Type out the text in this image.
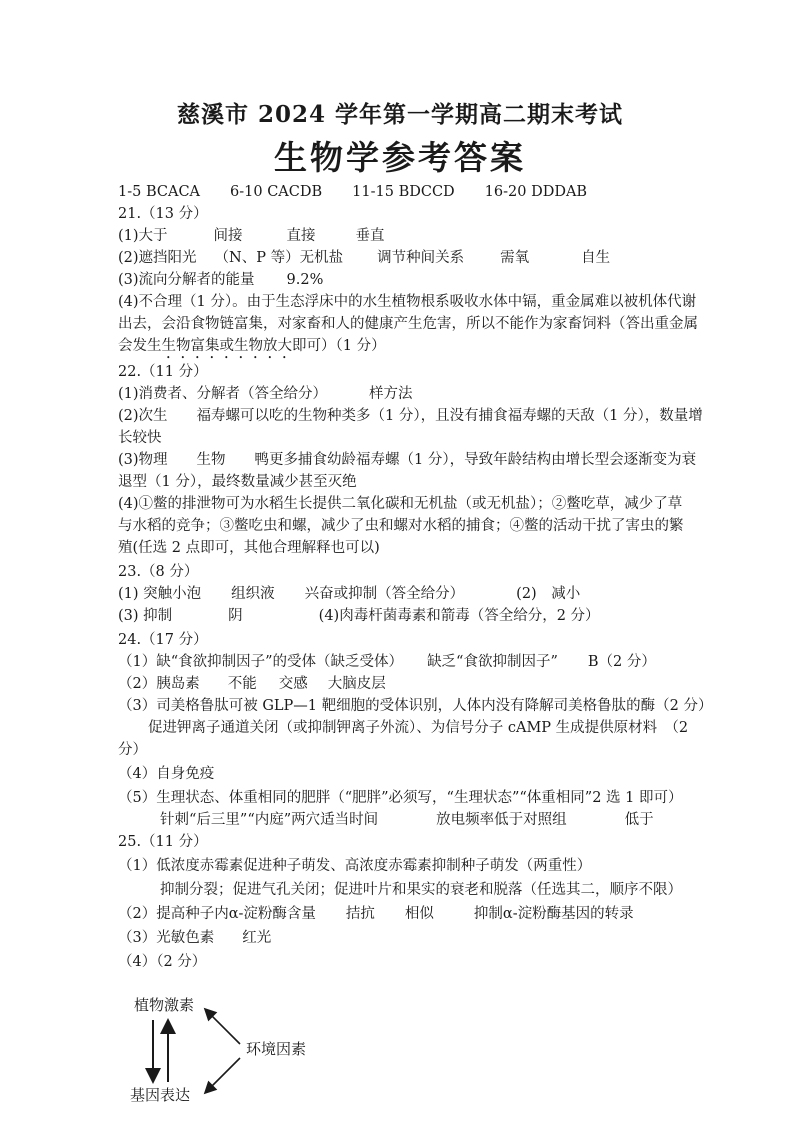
慈溪市 2024 学年第一学期高二期末考试
生物学参考答案
1-5 BCACA 6-10 CACDB 11-15 BDCCD 16-20 DDDAB
21.（13 分）
(1)大于	间接	直接	垂直
(2)遮挡阳光 （N、P 等）无机盐 调节种间关系 需氧	自生
(3)流向分解者的能量 9.2%
(4)不合理（1 分）。由于生态浮床中的水生植物根系吸收水体中镉，重金属难以被机体代谢
出去，会沿食物链富集，对家畜和人的健康产生危害，所以不能作为家畜饲料（答出重金属
会发生生物富集或生物放大即可）（1 分）
22.（11 分）
(1)消费者、分解者（答全给分）	样方法
(2)次生　　福寿螺可以吃的生物种类多（1 分），且没有捕食福寿螺的天敌（1 分），数量增
长较快
(3)物理　　生物　　鸭更多捕食幼龄福寿螺（1 分），导致年龄结构由增长型会逐渐变为衰
退型（1 分），最终数量减少甚至灭绝
(4)①鳖的排泄物可为水稻生长提供二氧化碳和无机盐（或无机盐）；②鳖吃草，减少了草
与水稻的竞争；③鳖吃虫和螺，减少了虫和螺对水稻的捕食；④鳖的活动干扰了害虫的繁
殖(任选 2 点即可，其他合理解释也可以)
23.（8 分）
(1) 突触小泡 组织液 兴奋或抑制（答全给分）	(2)　减小
(3) 抑制	阴	(4)肉毒杆菌毒素和箭毒（答全给分，2 分）
24.（17 分）
（1）缺“食欲抑制因子”的受体（缺乏受体） 缺乏“食欲抑制因子” B（2 分）
（2）胰岛素 不能 交感 大脑皮层
（3）司美格鲁肽可被 GLP—1 靶细胞的受体识别，人体内没有降解司美格鲁肽的酶（2 分）
促进钾离子通道关闭（或抑制钾离子外流）、为信号分子 cAMP 生成提供原材料　（2
分）
（4）自身免疫
（5）生理状态、体重相同的肥胖（“肥胖”必须写，“生理状态”“体重相同”2 选 1 即可）
针刺“后三里”“内庭”两穴适当时间	放电频率低于对照组	低于
25.（11 分）
（1）低浓度赤霉素促进种子萌发、高浓度赤霉素抑制种子萌发（两重性）
抑制分裂；促进气孔关闭；促进叶片和果实的衰老和脱落（任选其二，顺序不限）
（2）提高种子内α-淀粉酶含量 拮抗 相似	抑制α-淀粉酶基因的转录
（3）光敏色素 红光
（4）（2 分）
植物激素
基因表达
环境因素
